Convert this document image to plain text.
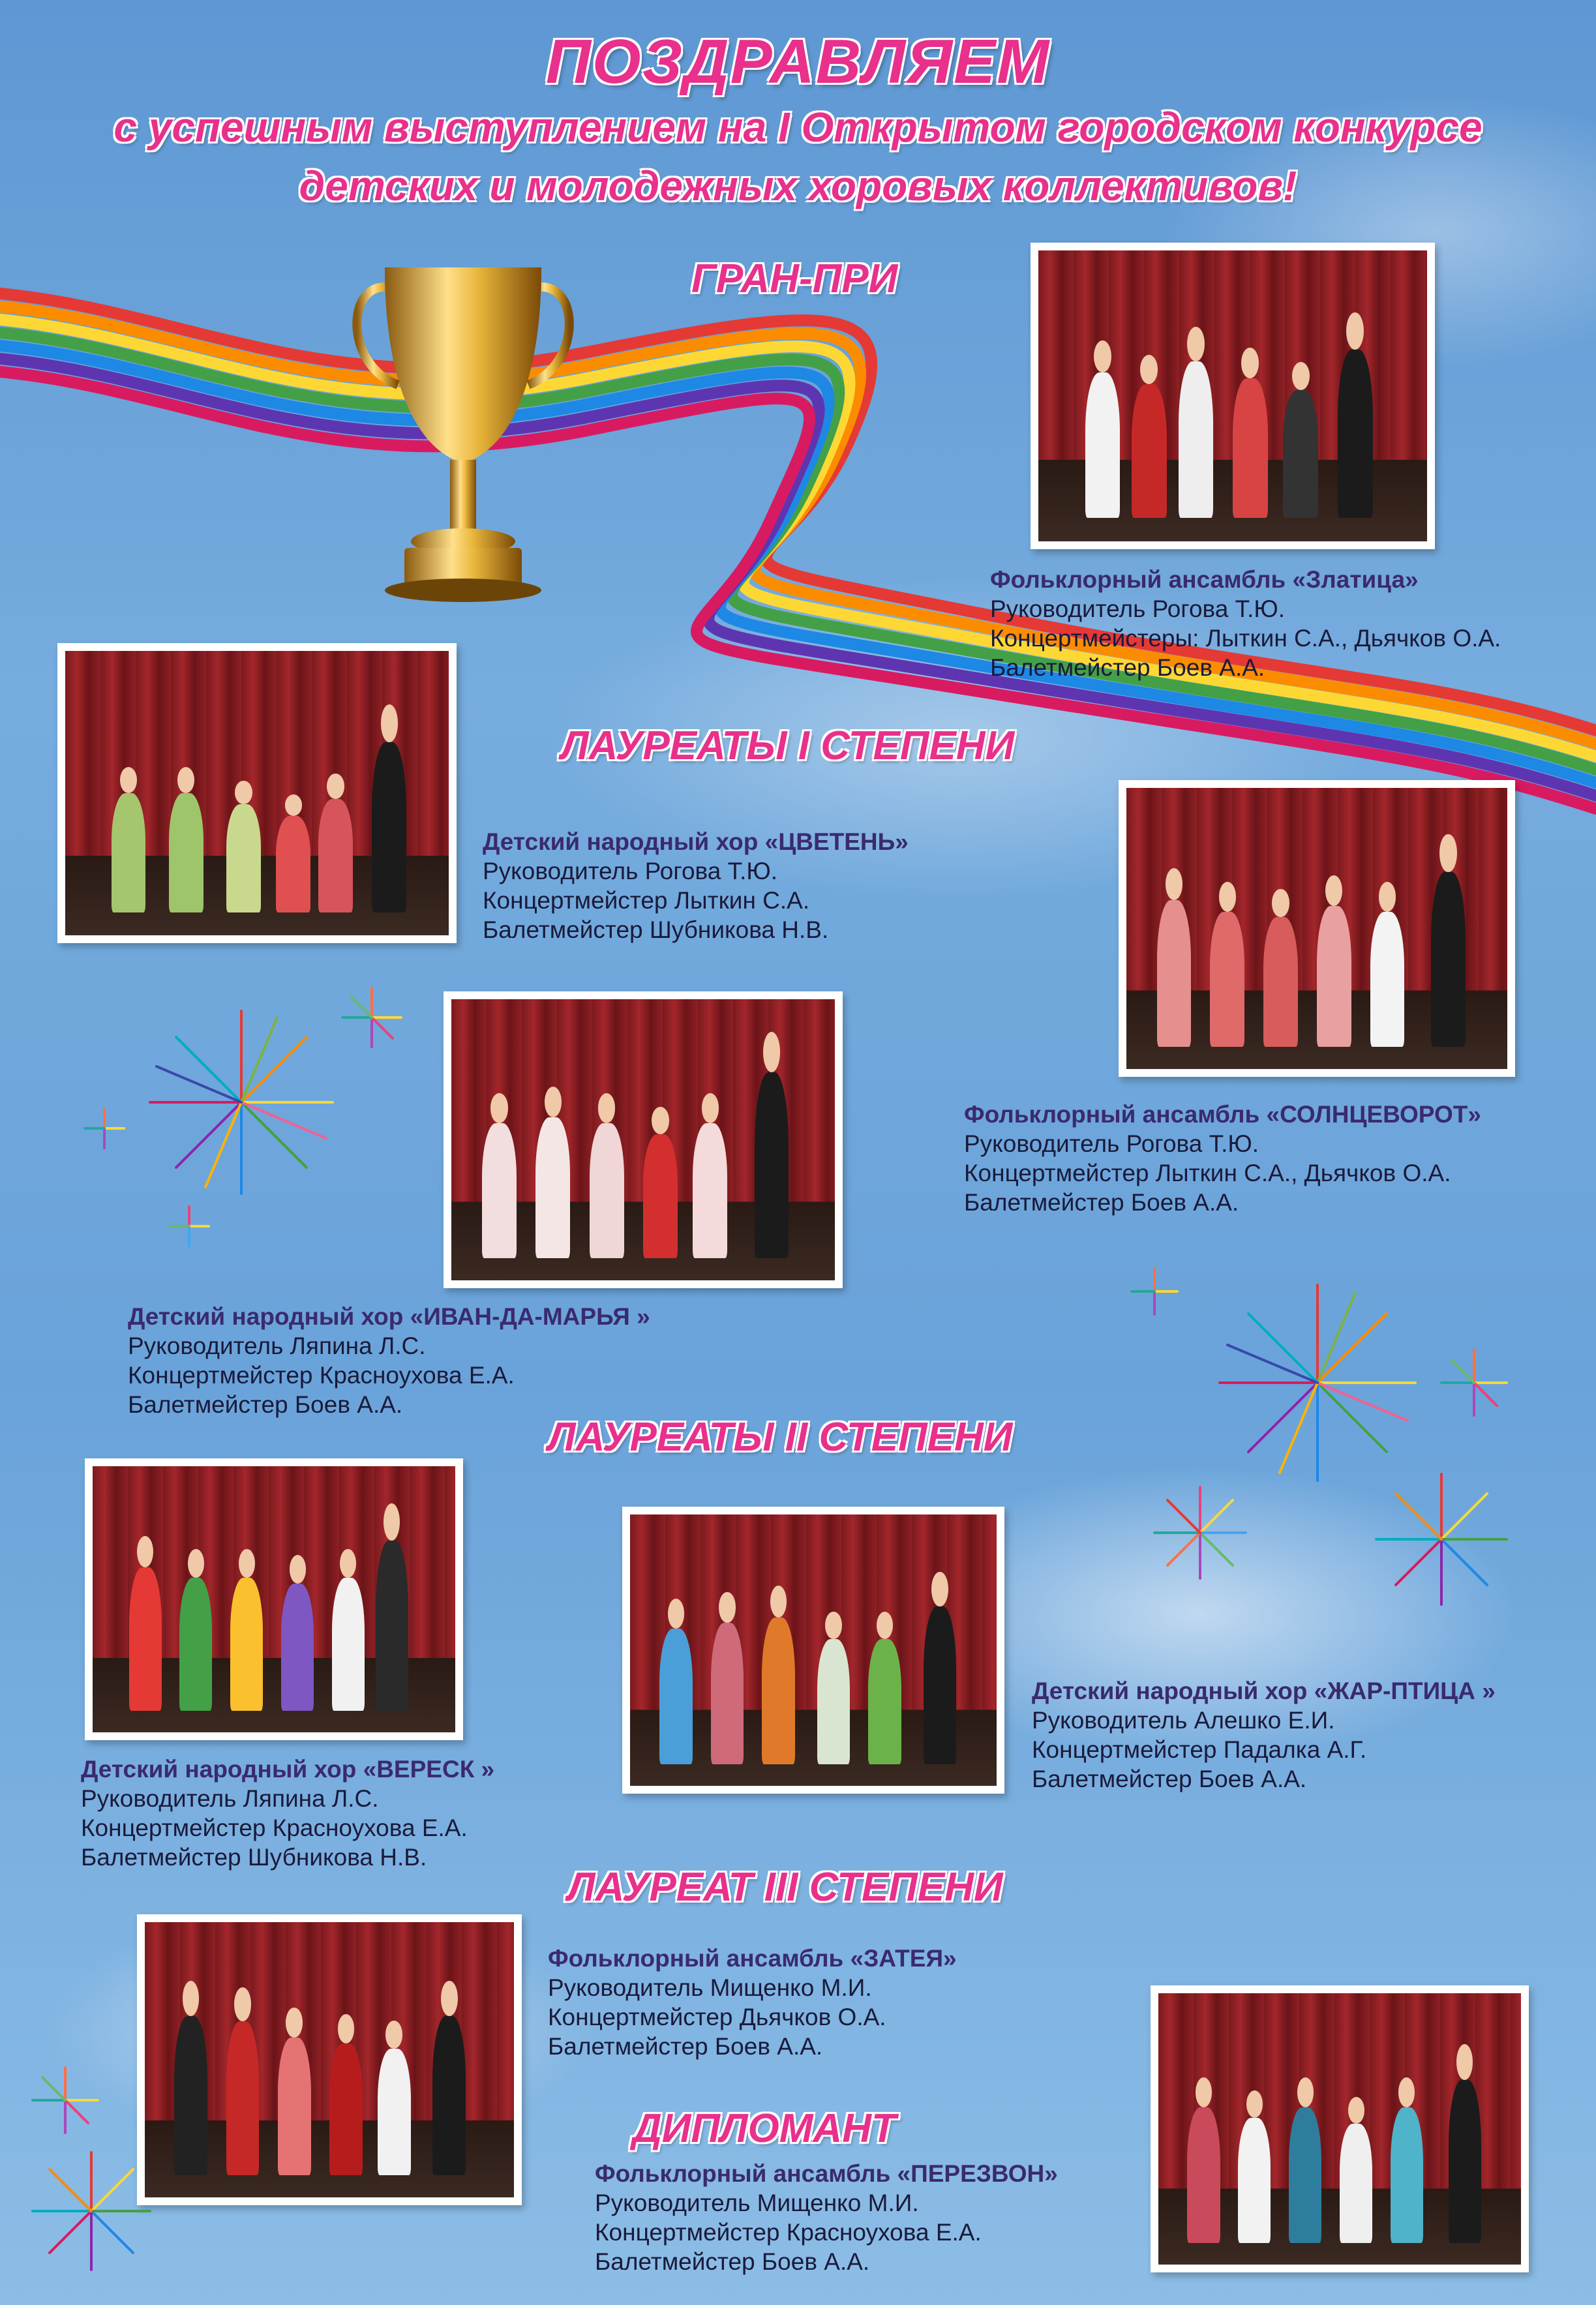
ПОЗДРАВЛЯЕМ
с успешным выступлением на I Открытом городском конкурсе
детских и молодежных хоровых коллективов!
ГРАН-ПРИ
ЛАУРЕАТЫ I СТЕПЕНИ
ЛАУРЕАТЫ II СТЕПЕНИ
ЛАУРЕАТ III СТЕПЕНИ
ДИПЛОМАНТ
Фольклорный ансамбль «Златица»
Руководитель Рогова Т.Ю.
Концертмейстеры: Лыткин С.А., Дьячков О.А.
Балетмейстер Боев А.А.
Детский народный хор «ЦВЕТЕНЬ»
Руководитель Рогова Т.Ю.
Концертмейстер Лыткин С.А.
Балетмейстер Шубникова Н.В.
Фольклорный ансамбль «СОЛНЦЕВОРОТ»
Руководитель Рогова Т.Ю.
Концертмейстер Лыткин С.А., Дьячков О.А.
Балетмейстер Боев А.А.
Детский народный хор «ИВАН-ДА-МАРЬЯ »
Руководитель Ляпина Л.С.
Концертмейстер Красноухова Е.А.
Балетмейстер Боев А.А.
Детский народный хор «ВЕРЕСК »
Руководитель Ляпина Л.С.
Концертмейстер Красноухова Е.А.
Балетмейстер Шубникова Н.В.
Детский народный хор «ЖАР-ПТИЦА »
Руководитель Алешко Е.И.
Концертмейстер Падалка А.Г.
Балетмейстер Боев А.А.
Фольклорный ансамбль «ЗАТЕЯ»
Руководитель Мищенко М.И.
Концертмейстер Дьячков О.А.
Балетмейстер Боев А.А.
Фольклорный ансамбль «ПЕРЕЗВОН»
Руководитель Мищенко М.И.
Концертмейстер Красноухова Е.А.
Балетмейстер Боев А.А.
